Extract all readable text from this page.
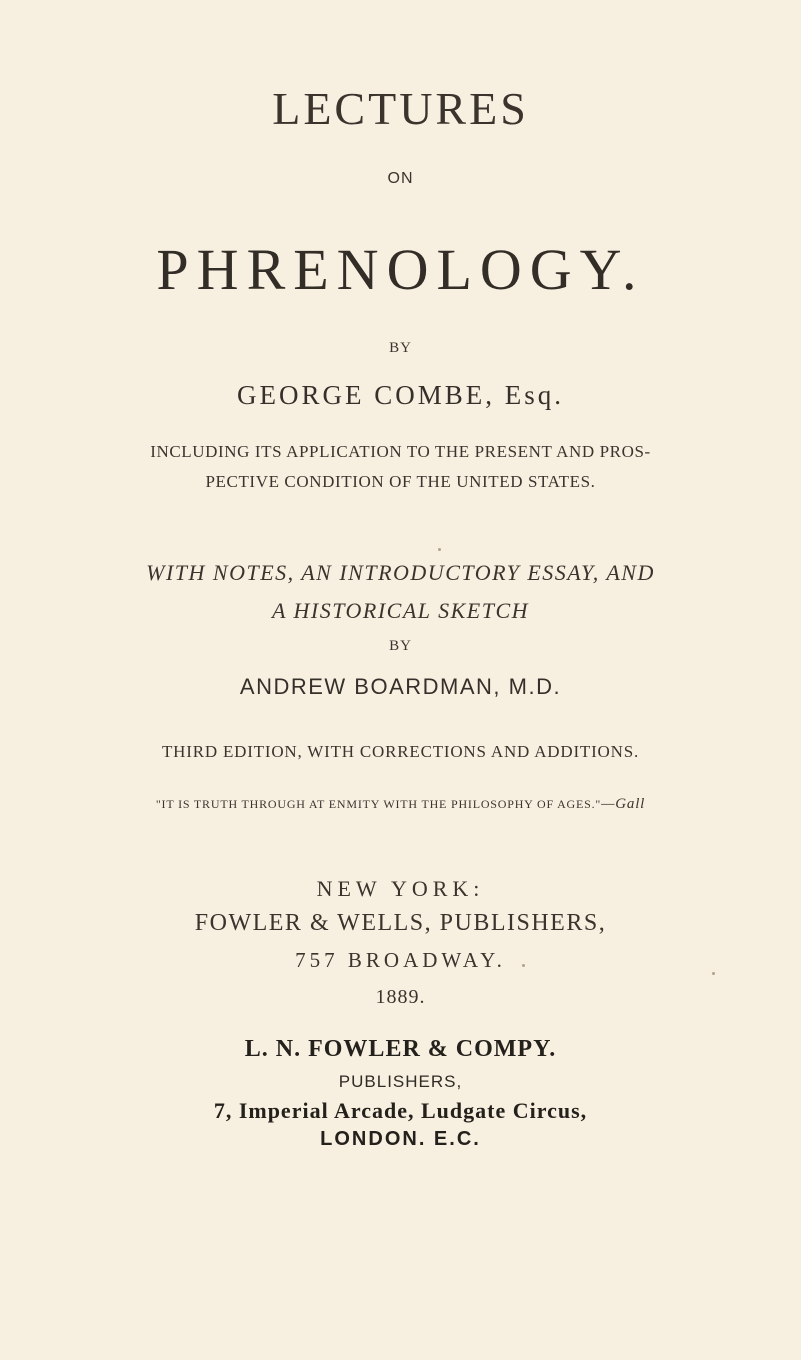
LECTURES
ON
PHRENOLOGY.
BY
GEORGE COMBE, Esq.
INCLUDING ITS APPLICATION TO THE PRESENT AND PROS-
PECTIVE CONDITION OF THE UNITED STATES.
WITH NOTES, AN INTRODUCTORY ESSAY, AND
A HISTORICAL SKETCH
BY
ANDREW BOARDMAN, M.D.
THIRD EDITION, WITH CORRECTIONS AND ADDITIONS.
"IT IS TRUTH THROUGH AT ENMITY WITH THE PHILOSOPHY OF AGES."—Gall
NEW YORK:
FOWLER & WELLS, PUBLISHERS,
757 BROADWAY.
1889.
L. N. FOWLER & COMPY.
PUBLISHERS,
7, Imperial Arcade, Ludgate Circus,
LONDON. E.C.
